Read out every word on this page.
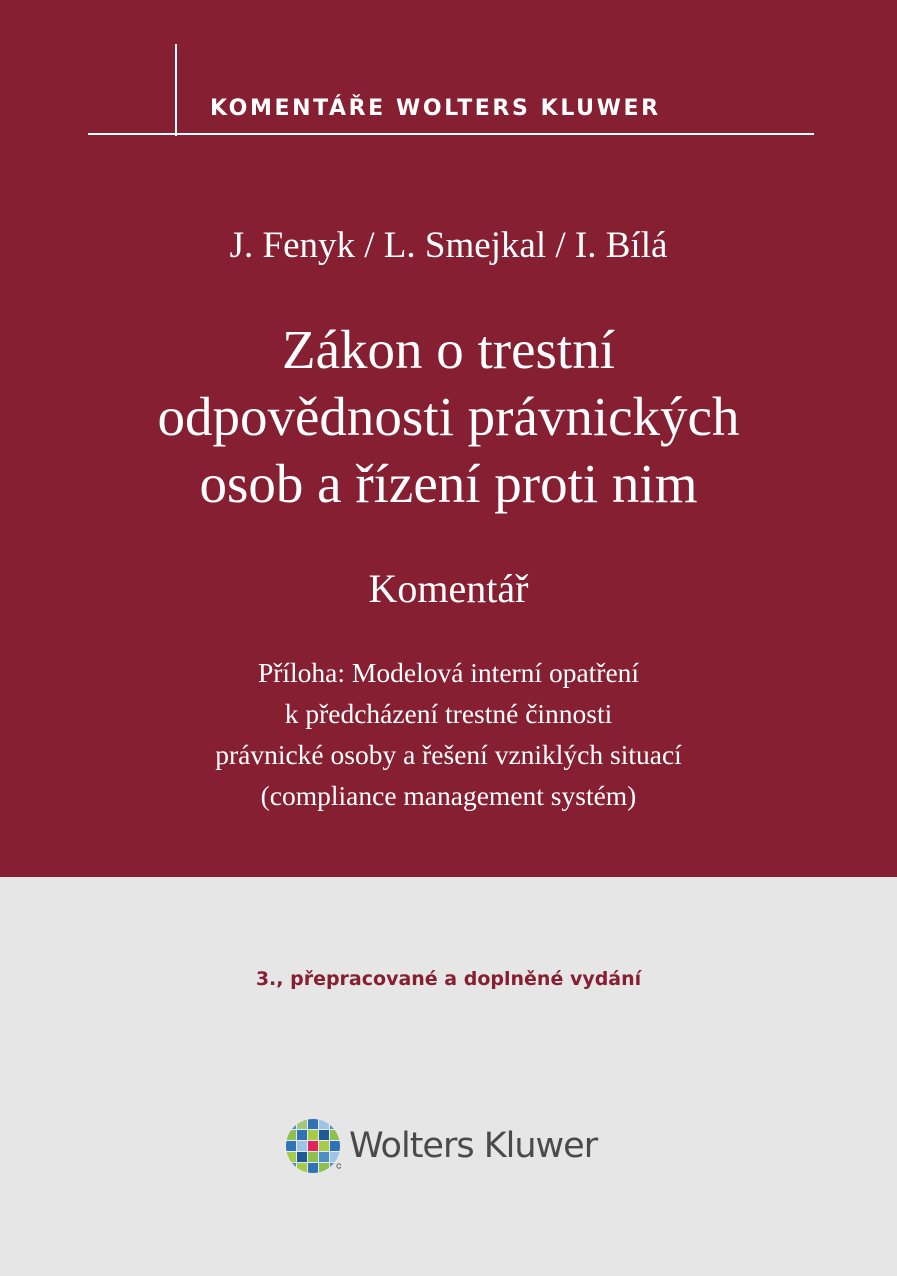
KOMENTÁŘE WOLTERS KLUWER
J. Fenyk / L. Smejkal / I. Bílá
Zákon o trestní
odpovědnosti právnických
osob a řízení proti nim
Komentář
Příloha: Modelová interní opatření
k předcházení trestné činnosti
právnické osoby a řešení vzniklých situací
(compliance management systém)
3., přepracované a doplněné vydání
Wolters Kluwer
